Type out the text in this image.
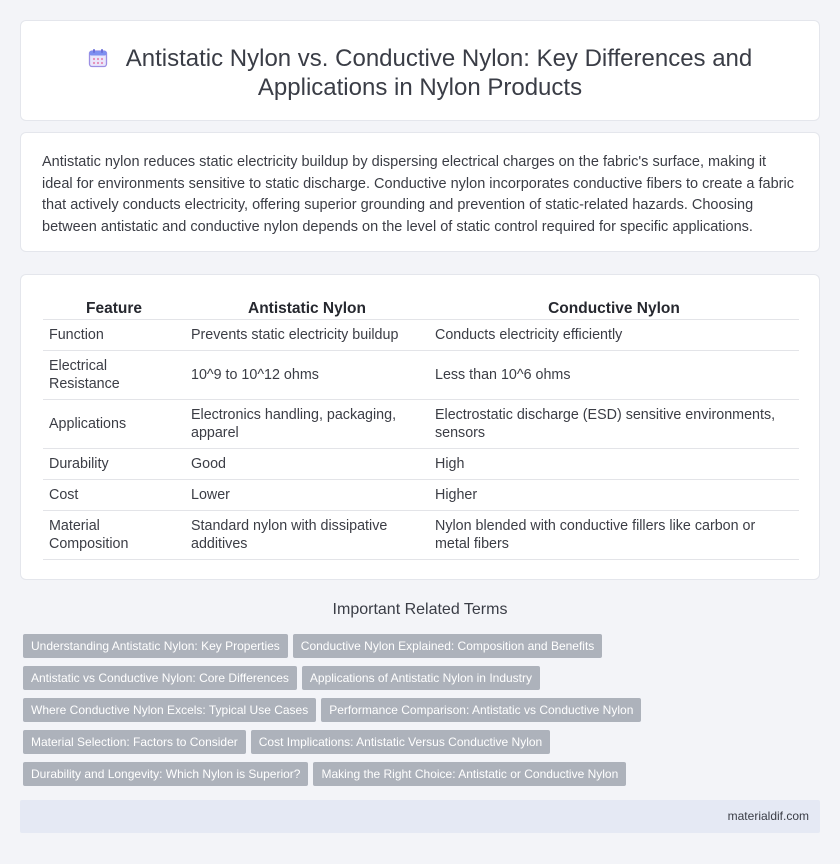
Antistatic Nylon vs. Conductive Nylon: Key Differences and
Applications in Nylon Products

Antistatic nylon reduces static electricity buildup by dispersing electrical charges on the fabric's surface, making it ideal for environments sensitive to static discharge. Conductive nylon incorporates conductive fibers to create a fabric that actively conducts electricity, offering superior grounding and prevention of static-related hazards. Choosing between antistatic and conductive nylon depends on the level of static control required for specific applications.

Feature	Antistatic Nylon	Conductive Nylon
Function	Prevents static electricity buildup	Conducts electricity efficiently
Electrical Resistance	10^9 to 10^12 ohms	Less than 10^6 ohms
Applications	Electronics handling, packaging, apparel	Electrostatic discharge (ESD) sensitive environments, sensors
Durability	Good	High
Cost	Lower	Higher
Material Composition	Standard nylon with dissipative additives	Nylon blended with conductive fillers like carbon or metal fibers
Important Related Terms
Understanding Antistatic Nylon: Key Properties Conductive Nylon Explained: Composition and Benefits
Antistatic vs Conductive Nylon: Core Differences Applications of Antistatic Nylon in Industry
Where Conductive Nylon Excels: Typical Use Cases Performance Comparison: Antistatic vs Conductive Nylon
Material Selection: Factors to Consider Cost Implications: Antistatic Versus Conductive Nylon
Durability and Longevity: Which Nylon is Superior? Making the Right Choice: Antistatic or Conductive Nylon
materialdif.com
